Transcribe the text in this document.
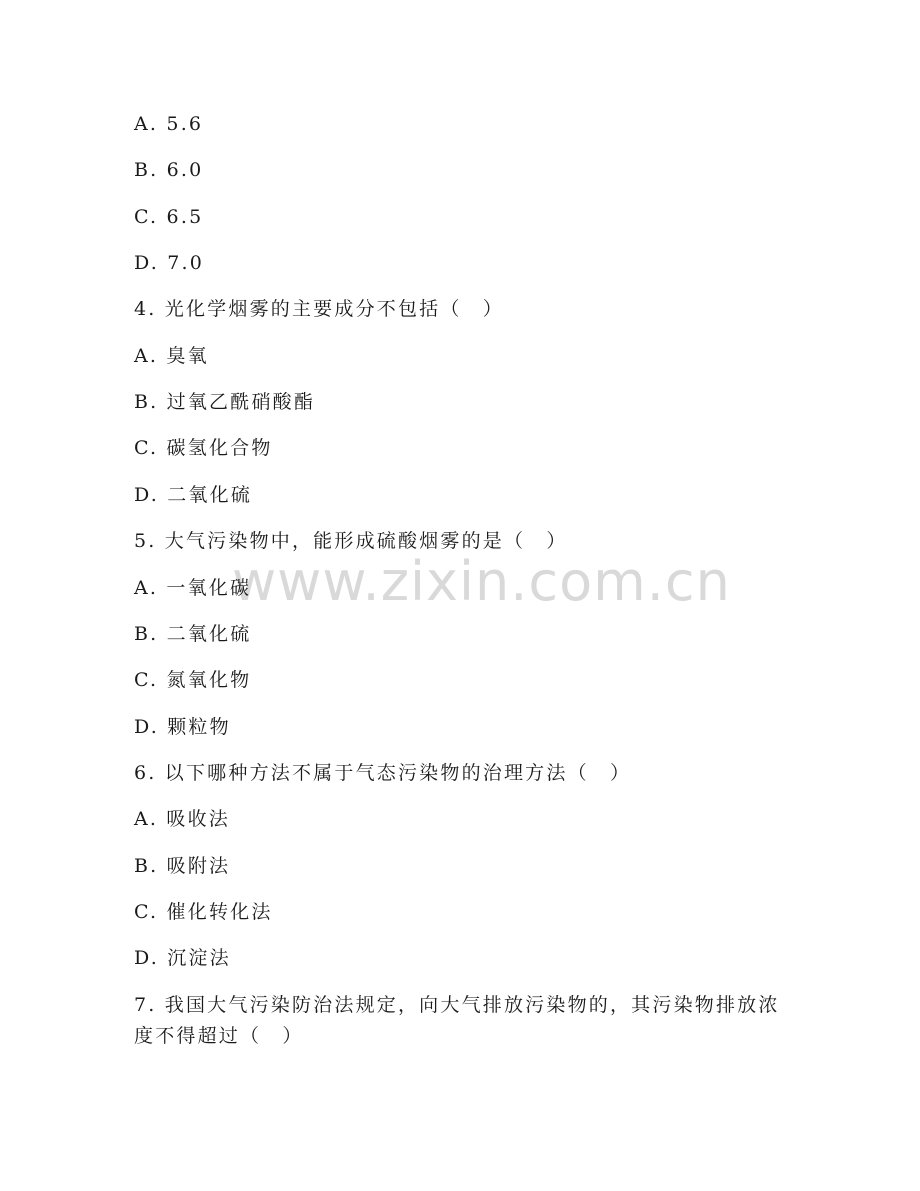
www.zixin.com.cn
A. 5.6
B. 6.0
C. 6.5
D. 7.0
4. 光化学烟雾的主要成分不包括（　）
A. 臭氧
B. 过氧乙酰硝酸酯
C. 碳氢化合物
D. 二氧化硫
5. 大气污染物中，能形成硫酸烟雾的是（　）
A. 一氧化碳
B. 二氧化硫
C. 氮氧化物
D. 颗粒物
6. 以下哪种方法不属于气态污染物的治理方法（　）
A. 吸收法
B. 吸附法
C. 催化转化法
D. 沉淀法
7. 我国大气污染防治法规定，向大气排放污染物的，其污染物排放浓
度不得超过（　）
